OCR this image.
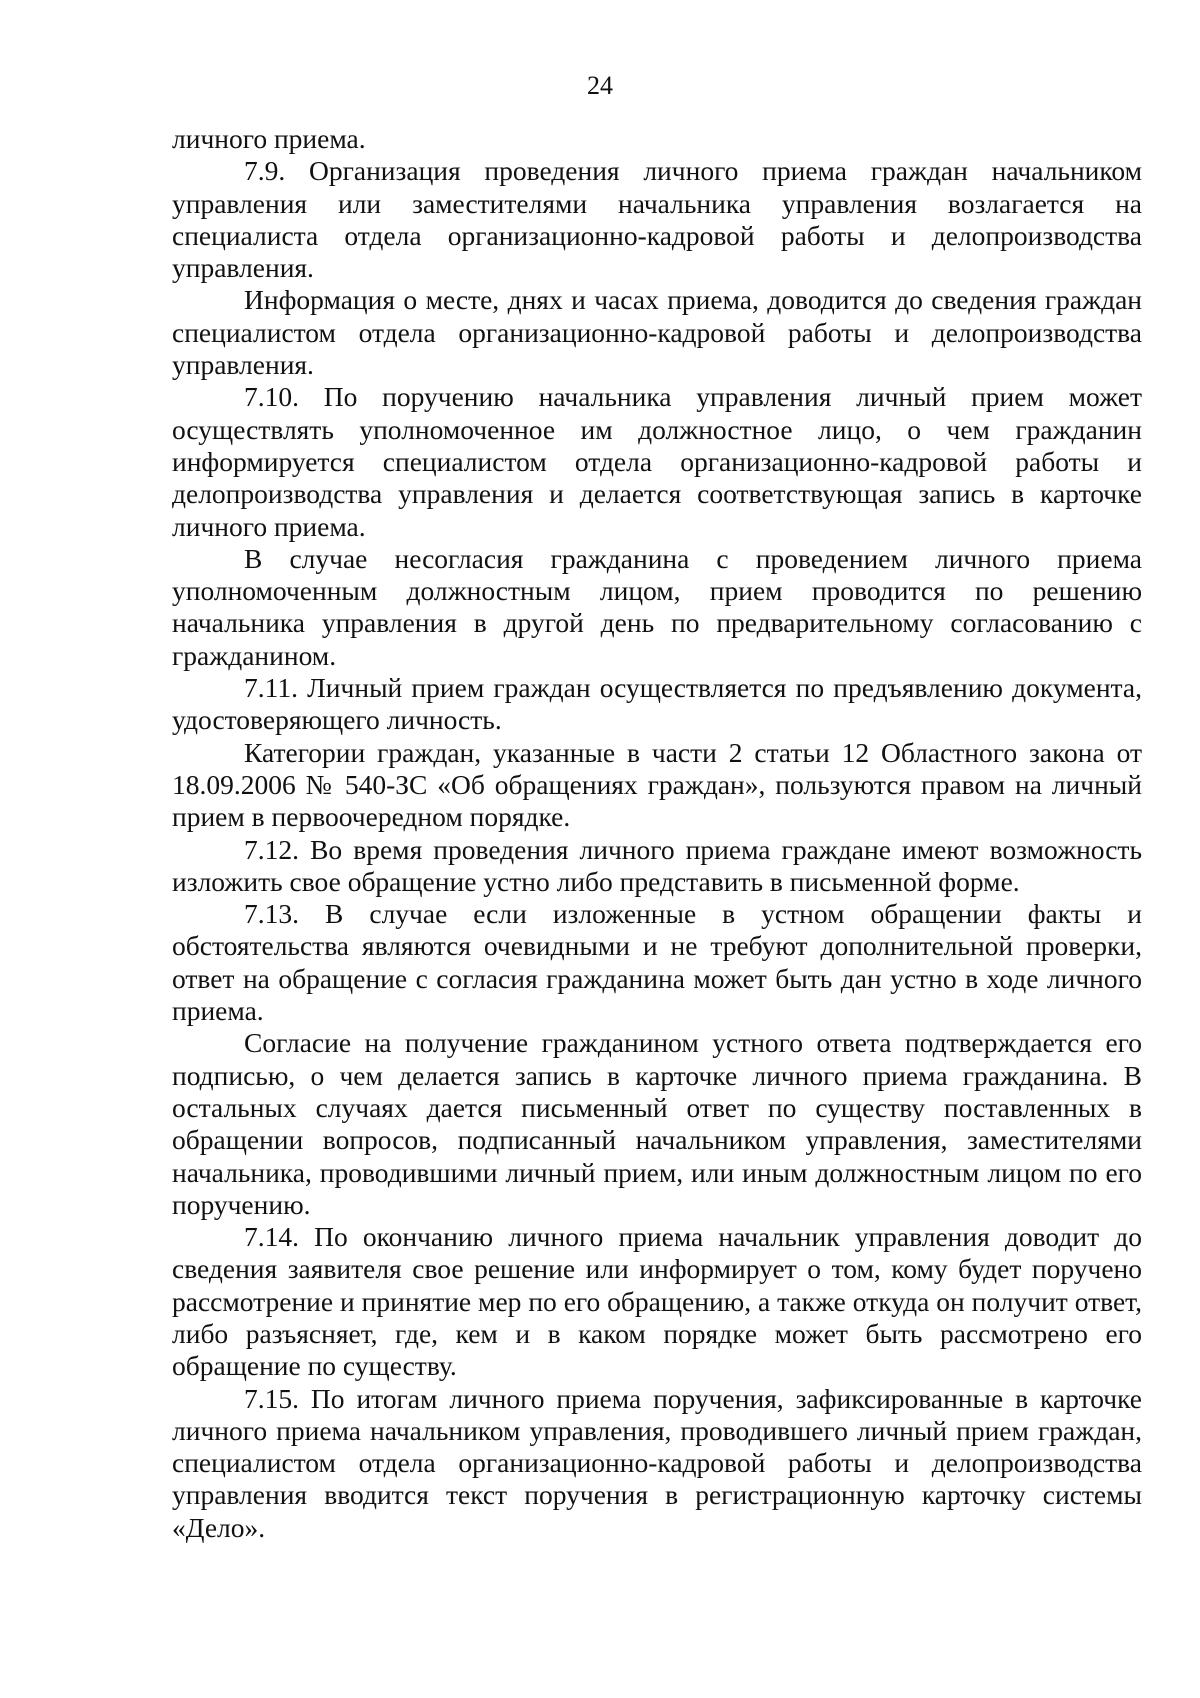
24

личного приема.

7.9. Организация проведения личного приема граждан начальником управления или заместителями начальника управления возлагается на специалиста отдела организационно-кадровой работы и делопроизводства управления.

Информация о месте, днях и часах приема, доводится до сведения граждан специалистом отдела организационно-кадровой работы и делопроизводства управления.

7.10. По поручению начальника управления личный прием может осуществлять уполномоченное им должностное лицо, о чем гражданин информируется специалистом отдела организационно-кадровой работы и делопроизводства управления и делается соответствующая запись в карточке личного приема.

В случае несогласия гражданина с проведением личного приема уполномоченным должностным лицом, прием проводится по решению начальника управления в другой день по предварительному согласованию с гражданином.

7.11. Личный прием граждан осуществляется по предъявлению документа, удостоверяющего личность.

Категории граждан, указанные в части 2 статьи 12 Областного закона от 18.09.2006 № 540-ЗС «Об обращениях граждан», пользуются правом на личный прием в первоочередном порядке.

7.12. Во время проведения личного приема граждане имеют возможность изложить свое обращение устно либо представить в письменной форме.

7.13. В случае если изложенные в устном обращении факты и обстоятельства являются очевидными и не требуют дополнительной проверки, ответ на обращение с согласия гражданина может быть дан устно в ходе личного приема.

Согласие на получение гражданином устного ответа подтверждается его подписью, о чем делается запись в карточке личного приема гражданина. В остальных случаях дается письменный ответ по существу поставленных в обращении вопросов, подписанный начальником управления, заместителями начальника, проводившими личный прием, или иным должностным лицом по его поручению.

7.14. По окончанию личного приема начальник управления доводит до сведения заявителя свое решение или информирует о том, кому будет поручено рассмотрение и принятие мер по его обращению, а также откуда он получит ответ, либо разъясняет, где, кем и в каком порядке может быть рассмотрено его обращение по существу.

7.15. По итогам личного приема поручения, зафиксированные в карточке личного приема начальником управления, проводившего личный прием граждан, специалистом отдела организационно-кадровой работы и делопроизводства управления вводится текст поручения в регистрационную карточку системы «Дело».
